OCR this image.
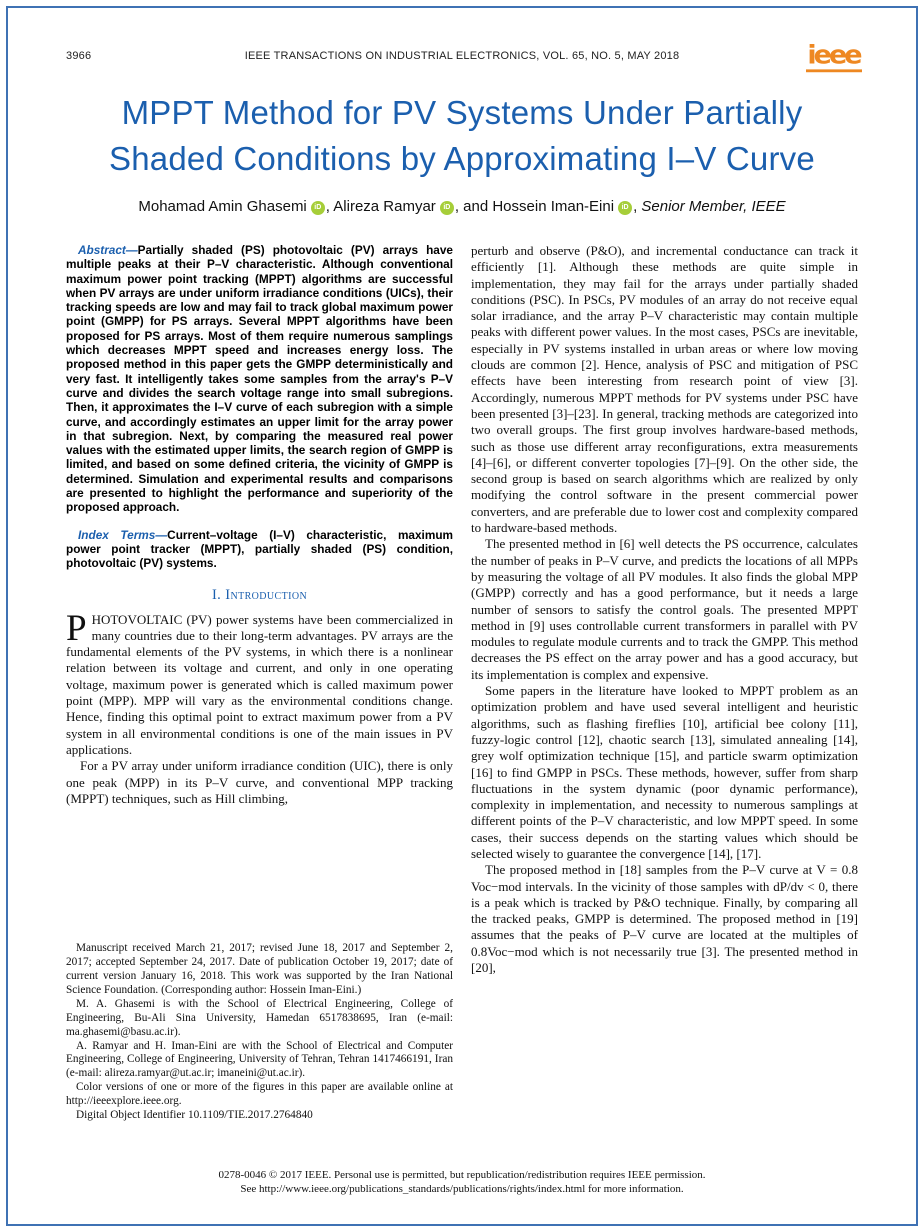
3966	IEEE TRANSACTIONS ON INDUSTRIAL ELECTRONICS, VOL. 65, NO. 5, MAY 2018	ieee
MPPT Method for PV Systems Under Partially
Shaded Conditions by Approximating I–V Curve
Mohamad Amin Ghasemi iD , Alireza Ramyar iD , and Hossein Iman-Eini iD , Senior Member, IEEE

Abstract—Partially shaded (PS) photovoltaic (PV) arrays have multiple peaks at their P–V characteristic. Although conventional maximum power point tracking (MPPT) algorithms are successful when PV arrays are under uniform irradiance conditions (UICs), their tracking speeds are low and may fail to track global maximum power point (GMPP) for PS arrays. Several MPPT algorithms have been proposed for PS arrays. Most of them require numerous samplings which decreases MPPT speed and increases energy loss. The proposed method in this paper gets the GMPP deterministically and very fast. It intelligently takes some samples from the array's P–V curve and divides the search voltage range into small subregions. Then, it approximates the I–V curve of each subregion with a simple curve, and accordingly estimates an upper limit for the array power in that subregion. Next, by comparing the measured real power values with the estimated upper limits, the search region of GMPP is limited, and based on some defined criteria, the vicinity of GMPP is determined. Simulation and experimental results and comparisons are presented to highlight the performance and superiority of the proposed approach.

Index Terms—Current–voltage (I–V) characteristic, maximum power point tracker (MPPT), partially shaded (PS) condition, photovoltaic (PV) systems.

I. Introduction

PHOTOVOLTAIC (PV) power systems have been commercialized in many countries due to their long-term advantages. PV arrays are the fundamental elements of the PV systems, in which there is a nonlinear relation between its voltage and current, and only in one operating voltage, maximum power is generated which is called maximum power point (MPP). MPP will vary as the environmental conditions change. Hence, finding this optimal point to extract maximum power from a PV system in all environmental conditions is one of the main issues in PV applications.

For a PV array under uniform irradiance condition (UIC), there is only one peak (MPP) in its P–V curve, and conventional MPP tracking (MPPT) techniques, such as Hill climbing,

Manuscript received March 21, 2017; revised June 18, 2017 and September 2, 2017; accepted September 24, 2017. Date of publication October 19, 2017; date of current version January 16, 2018. This work was supported by the Iran National Science Foundation. (Corresponding author: Hossein Iman-Eini.)

M. A. Ghasemi is with the School of Electrical Engineering, College of Engineering, Bu-Ali Sina University, Hamedan 6517838695, Iran (e-mail: ma.ghasemi@basu.ac.ir).

A. Ramyar and H. Iman-Eini are with the School of Electrical and Computer Engineering, College of Engineering, University of Tehran, Tehran 1417466191, Iran (e-mail: alireza.ramyar@ut.ac.ir; imaneini@ut.ac.ir).

Color versions of one or more of the figures in this paper are available online at http://ieeexplore.ieee.org.

Digital Object Identifier 10.1109/TIE.2017.2764840

perturb and observe (P&O), and incremental conductance can track it efficiently [1]. Although these methods are quite simple in implementation, they may fail for the arrays under partially shaded conditions (PSC). In PSCs, PV modules of an array do not receive equal solar irradiance, and the array P–V characteristic may contain multiple peaks with different power values. In the most cases, PSCs are inevitable, especially in PV systems installed in urban areas or where low moving clouds are common [2]. Hence, analysis of PSC and mitigation of PSC effects have been interesting from research point of view [3]. Accordingly, numerous MPPT methods for PV systems under PSC have been presented [3]–[23]. In general, tracking methods are categorized into two overall groups. The first group involves hardware-based methods, such as those use different array reconfigurations, extra measurements [4]–[6], or different converter topologies [7]–[9]. On the other side, the second group is based on search algorithms which are realized by only modifying the control software in the present commercial power converters, and are preferable due to lower cost and complexity compared to hardware-based methods.

The presented method in [6] well detects the PS occurrence, calculates the number of peaks in P–V curve, and predicts the locations of all MPPs by measuring the voltage of all PV modules. It also finds the global MPP (GMPP) correctly and has a good performance, but it needs a large number of sensors to satisfy the control goals. The presented MPPT method in [9] uses controllable current transformers in parallel with PV modules to regulate module currents and to track the GMPP. This method decreases the PS effect on the array power and has a good accuracy, but its implementation is complex and expensive.

Some papers in the literature have looked to MPPT problem as an optimization problem and have used several intelligent and heuristic algorithms, such as flashing fireflies [10], artificial bee colony [11], fuzzy-logic control [12], chaotic search [13], simulated annealing [14], grey wolf optimization technique [15], and particle swarm optimization [16] to find GMPP in PSCs. These methods, however, suffer from sharp fluctuations in the system dynamic (poor dynamic performance), complexity in implementation, and necessity to numerous samplings at different points of the P–V characteristic, and low MPPT speed. In some cases, their success depends on the starting values which should be selected wisely to guarantee the convergence [14], [17].

The proposed method in [18] samples from the P–V curve at V = 0.8 Voc−mod intervals. In the vicinity of those samples with dP/dv < 0, there is a peak which is tracked by P&O technique. Finally, by comparing all the tracked peaks, GMPP is determined. The proposed method in [19] assumes that the peaks of P–V curve are located at the multiples of 0.8Voc−mod which is not necessarily true [3]. The presented method in [20],

0278-0046 © 2017 IEEE. Personal use is permitted, but republication/redistribution requires IEEE permission.
See http://www.ieee.org/publications_standards/publications/rights/index.html for more information.
